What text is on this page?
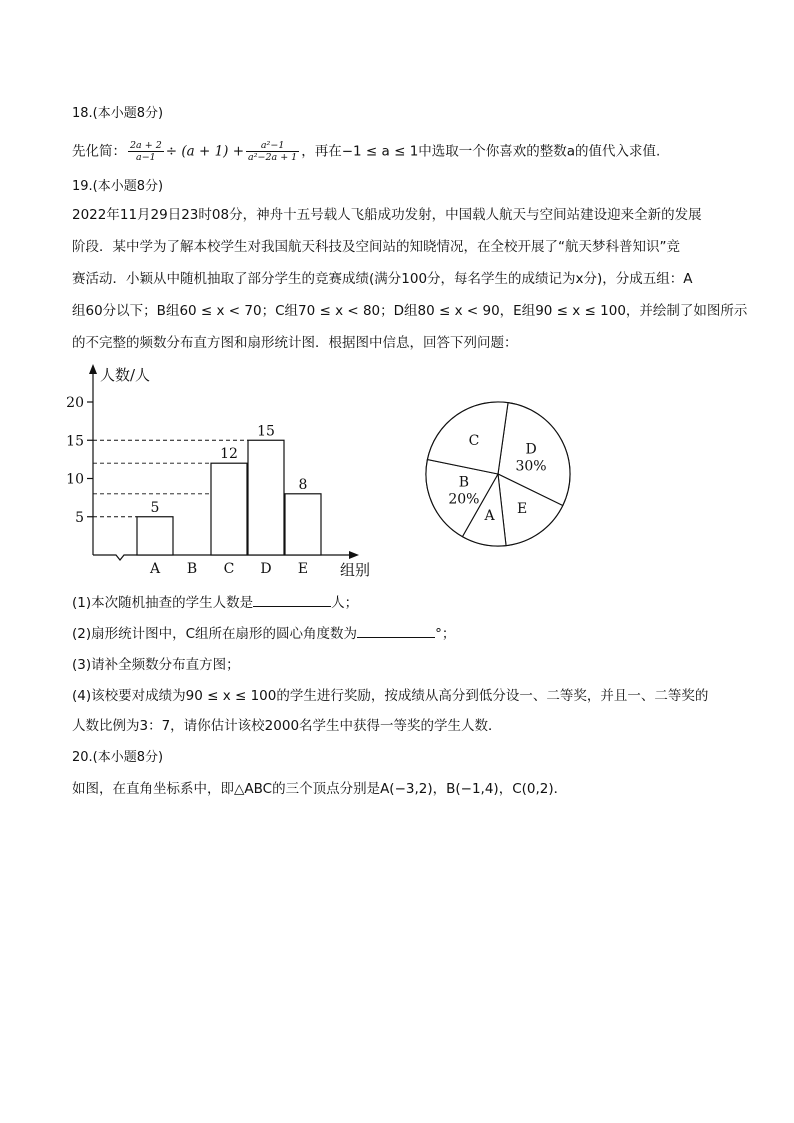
18.(本小题8分)
先化简： $\frac{2a + 2}{a-1} \div (a + 1) + \frac{\text{a²−1}}{\text{a²−2a + 1}}$ ，再在−1 ≤ a ≤ 1中选取一个你喜欢的整数a的值代入求值.
19.(本小题8分)
2022年11月29日23时08分，神舟十五号载人飞船成功发射，中国载人航天与空间站建设迎来全新的发展
阶段．某中学为了解本校学生对我国航天科技及空间站的知晓情况，在全校开展了“航天梦科普知识”竞
赛活动．小颖从中随机抽取了部分学生的竞赛成绩(满分100分，每名学生的成绩记为x分)，分成五组：A
组60分以下；B组60 ≤ x < 70；C组70 ≤ x < 80；D组80 ≤ x < 90，E组90 ≤ x ≤ 100，并绘制了如图所示
的不完整的频数分布直方图和扇形统计图．根据图中信息，回答下列问题：
5
10
15
20
5
A B
12
C
15
D
8
E
人数/人
组别
D
30%
E
A
B
20%
C
(1)本次随机抽查的学生人数是	人；
(2)扇形统计图中，C组所在扇形的圆心角度数为	°；
(3)请补全频数分布直方图；
(4)该校要对成绩为90 ≤ x ≤ 100的学生进行奖励，按成绩从高分到低分设一、二等奖，并且一、二等奖的
人数比例为3：7，请你估计该校2000名学生中获得一等奖的学生人数．
20.(本小题8分)
如图，在直角坐标系中，即△ABC的三个顶点分别是A(−3,2)，B(−1,4)，C(0,2)．
